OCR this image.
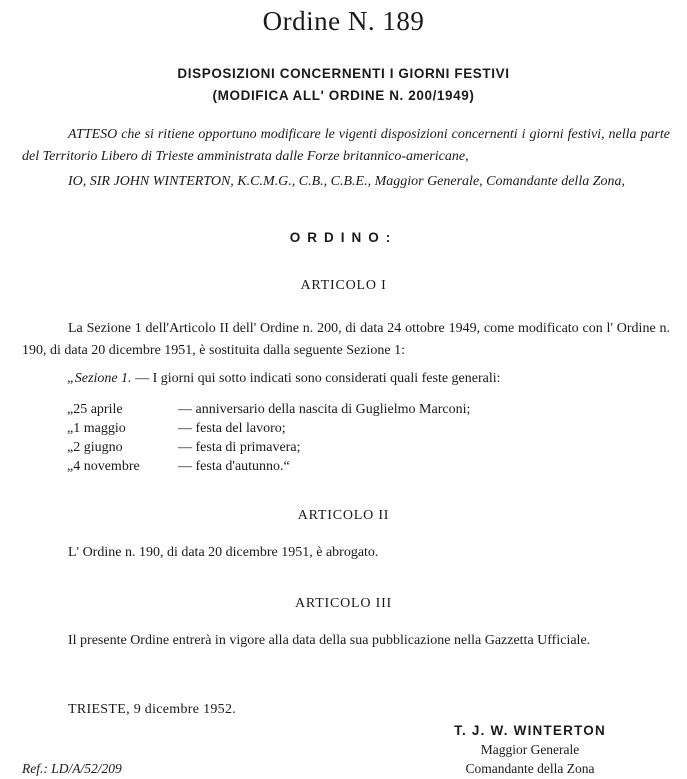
Ordine N. 189
DISPOSIZIONI CONCERNENTI I GIORNI FESTIVI
(MODIFICA ALL' ORDINE N. 200/1949)
ATTESO che si ritiene opportuno modificare le vigenti disposizioni concernenti i giorni festivi, nella parte del Territorio Libero di Trieste amministrata dalle Forze britannico-americane,
IO, SIR JOHN WINTERTON, K.C.M.G., C.B., C.B.E., Maggior Generale, Comandante della Zona,
ORDINO:
ARTICOLO I
La Sezione 1 dell'Articolo II dell' Ordine n. 200, di data 24 ottobre 1949, come modificato con l' Ordine n. 190, di data 20 dicembre 1951, è sostituita dalla seguente Sezione 1:
„Sezione 1. — I giorni qui sotto indicati sono considerati quali feste generali:
„25 aprile	— anniversario della nascita di Guglielmo Marconi;
„1 maggio	— festa del lavoro;
„2 giugno	— festa di primavera;
„4 novembre	— festa d'autunno.“
ARTICOLO II
L' Ordine n. 190, di data 20 dicembre 1951, è abrogato.
ARTICOLO III
Il presente Ordine entrerà in vigore alla data della sua pubblicazione nella Gazzetta Ufficiale.
TRIESTE, 9 dicembre 1952.
T. J. W. WINTERTON
Maggior Generale
Comandante della Zona
Ref.: LD/A/52/209
